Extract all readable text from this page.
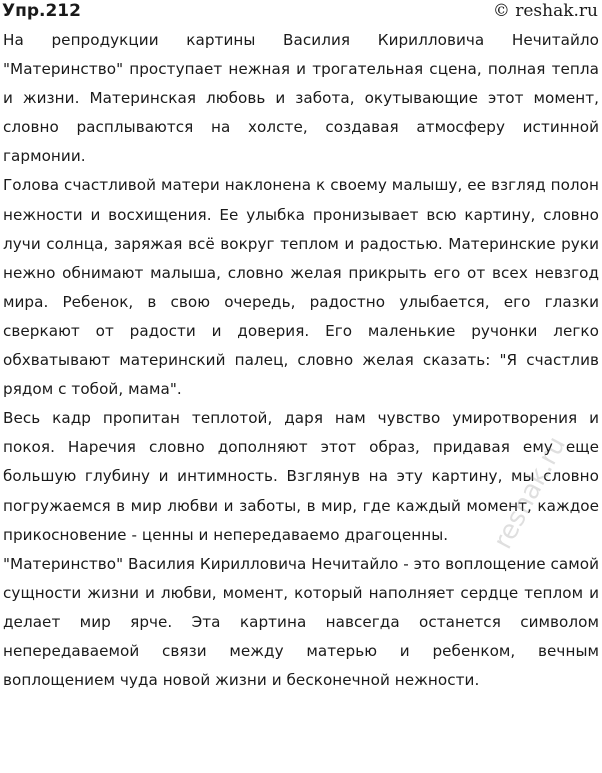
Упр.212	© reshak.ru

На репродукции картины Василия Кирилловича Нечитайло "Материнство" проступает нежная и трогательная сцена, полная тепла и жизни. Материнская любовь и забота, окутывающие этот момент, словно расплываются на холсте, создавая атмосферу истинной гармонии.

Голова счастливой матери наклонена к своему малышу, ее взгляд полон нежности и восхищения. Ее улыбка пронизывает всю картину, словно лучи солнца, заряжая всё вокруг теплом и радостью. Материнские руки нежно обнимают малыша, словно желая прикрыть его от всех невзгод мира. Ребенок, в свою очередь, радостно улыбается, его глазки сверкают от радости и доверия. Его маленькие ручонки легко обхватывают материнский палец, словно желая сказать: "Я счастлив рядом с тобой, мама".

Весь кадр пропитан теплотой, даря нам чувство умиротворения и покоя. Наречия словно дополняют этот образ, придавая ему еще большую глубину и интимность. Взглянув на эту картину, мы словно погружаемся в мир любви и заботы, в мир, где каждый момент, каждое прикосновение - ценны и непередаваемо драгоценны.

"Материнство" Василия Кирилловича Нечитайло - это воплощение самой сущности жизни и любви, момент, который наполняет сердце теплом и делает мир ярче. Эта картина навсегда останется символом непередаваемой связи между матерью и ребенком, вечным воплощением чуда новой жизни и бесконечной нежности.

reshak.ru
